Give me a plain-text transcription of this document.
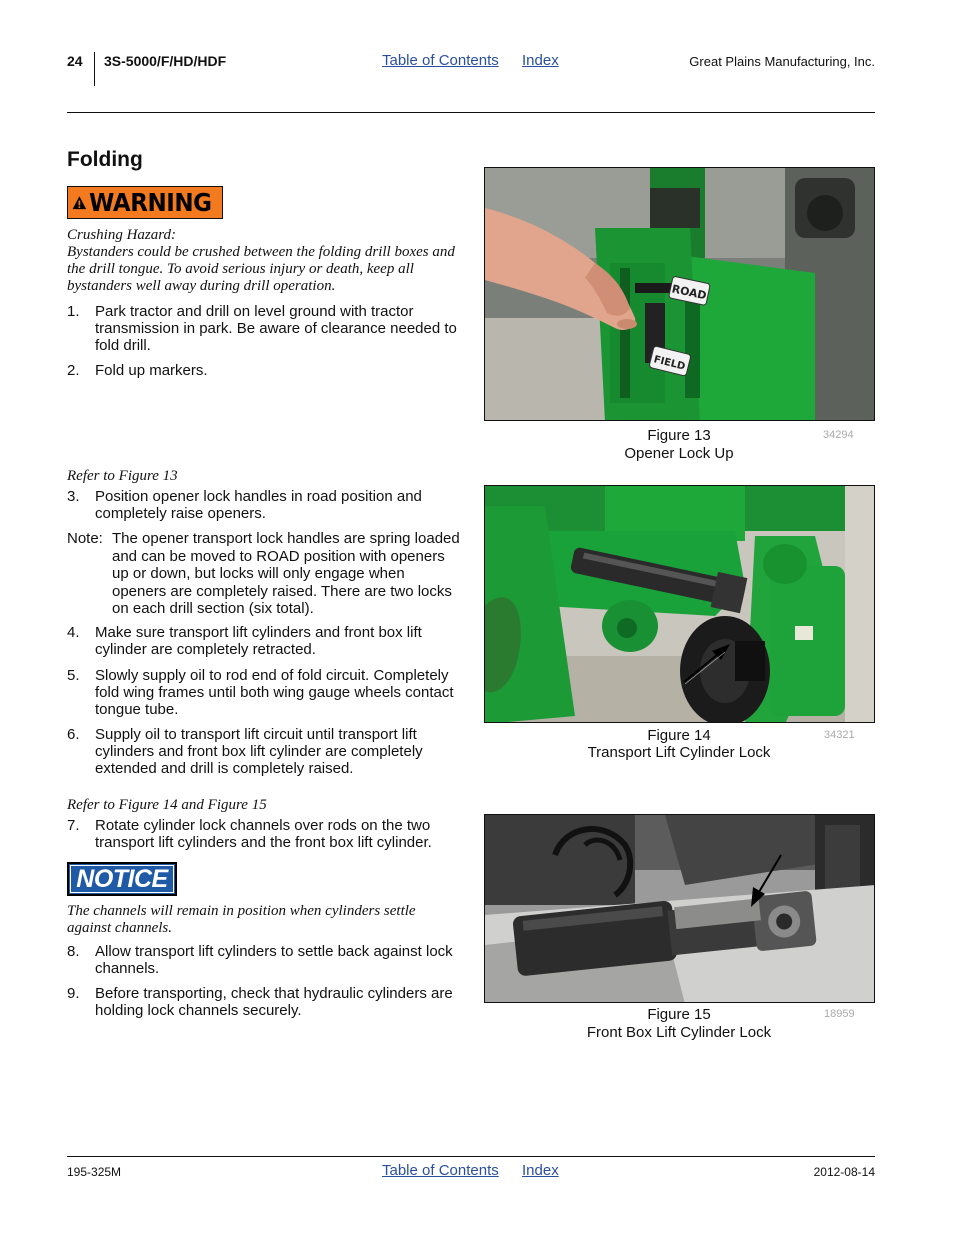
24 3S-5000/F/HD/HDF	Table of Contents Index	Great Plains Manufacturing, Inc.
Folding
WARNING
Crushing Hazard:
Bystanders could be crushed between the folding drill boxes and the drill tongue. To avoid serious injury or death, keep all bystanders well away during drill operation.
1. Park tractor and drill on level ground with tractor transmission in park. Be aware of clearance needed to fold drill.
2. Fold up markers.
Refer to Figure 13
3. Position opener lock handles in road position and completely raise openers.
Note: The opener transport lock handles are spring loaded and can be moved to ROAD position with openers up or down, but locks will only engage when openers are completely raised. There are two locks on each drill section (six total).
4. Make sure transport lift cylinders and front box lift cylinder are completely retracted.
5. Slowly supply oil to rod end of fold circuit. Completely fold wing frames until both wing gauge wheels contact tongue tube.
6. Supply oil to transport lift circuit until transport lift cylinders and front box lift cylinder are completely extended and drill is completely raised.
Refer to Figure 14 and Figure 15
7. Rotate cylinder lock channels over rods on the two transport lift cylinders and the front box lift cylinder.
NOTICE
The channels will remain in position when cylinders settle against channels.
8. Allow transport lift cylinders to settle back against lock channels.
9. Before transporting, check that hydraulic cylinders are holding lock channels securely.
ROAD
FIELD
Figure 13
Opener Lock Up
34294
Figure 14
Transport Lift Cylinder Lock
34321
Figure 15
Front Box Lift Cylinder Lock
18959
195-325M	Table of Contents Index	2012-08-14
